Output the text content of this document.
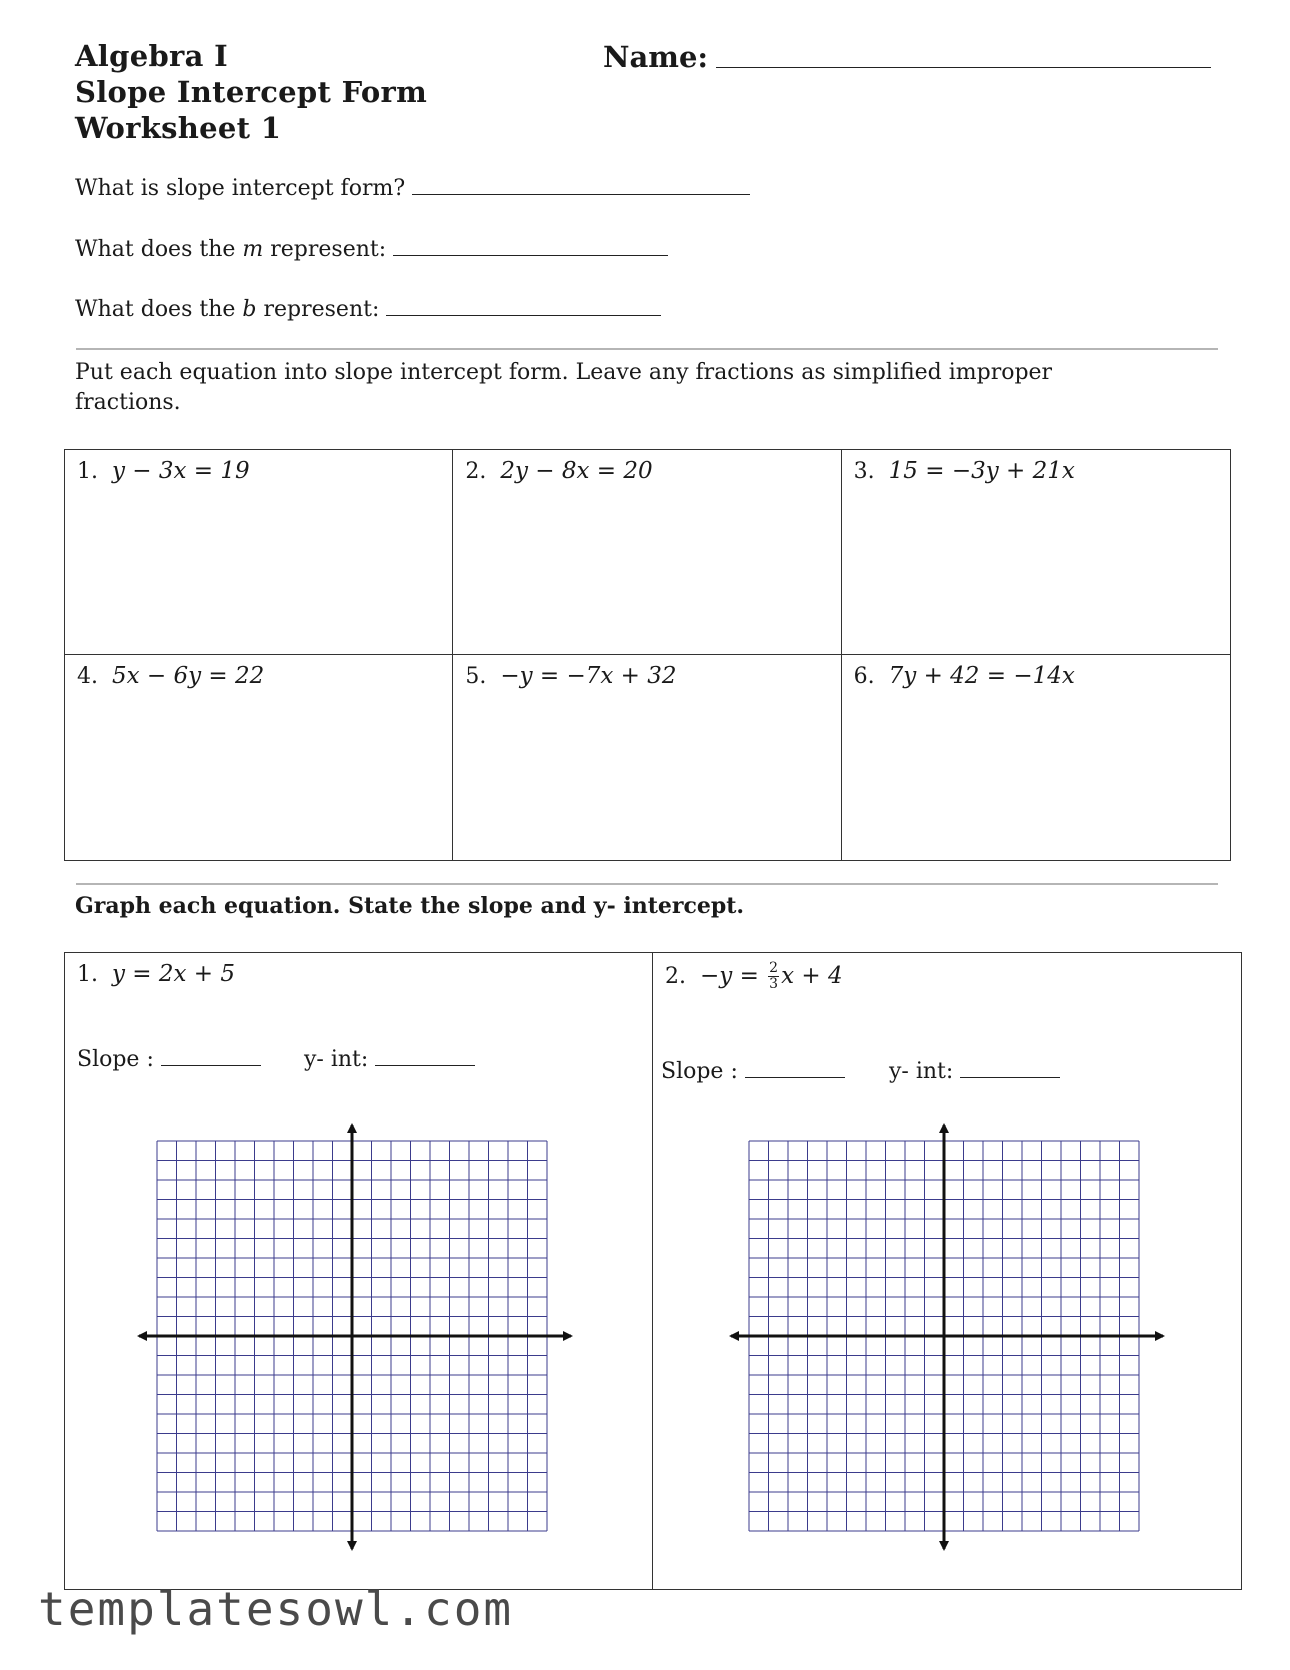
Algebra I
Slope Intercept Form
Worksheet 1
Name:
What is slope intercept form?
What does the m represent:
What does the b represent:
Put each equation into slope intercept form. Leave any fractions as simplified improper fractions.
1. y − 3x = 19	2. 2y − 8x = 20	3. 15 = −3y + 21x
4. 5x − 6y = 22	5. −y = −7x + 32	6. 7y + 42 = −14x
Graph each equation. State the slope and y- intercept.
1. y = 2x + 5
Slope :	y- int:
2. $-y = \frac{2}{3}$ x + 4
Slope :	y- int:
templatesowl.com
